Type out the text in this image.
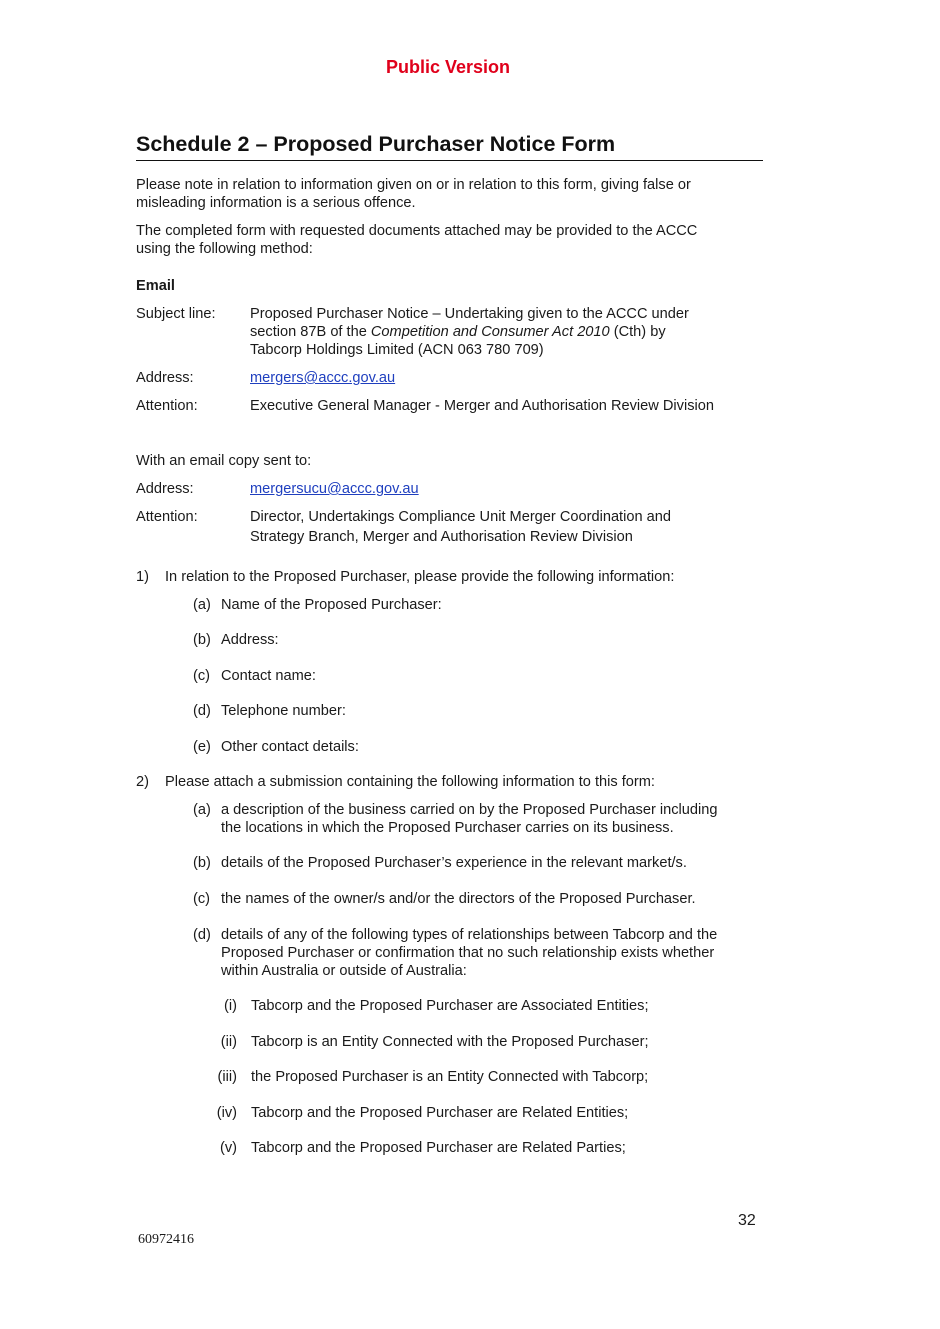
Public Version
Schedule 2 – Proposed Purchaser Notice Form
Please note in relation to information given on or in relation to this form, giving false or
misleading information is a serious offence.
The completed form with requested documents attached may be provided to the ACCC
using the following method:
Email
Subject line: Proposed Purchaser Notice – Undertaking given to the ACCC under
section 87B of the Competition and Consumer Act 2010 (Cth) by
Tabcorp Holdings Limited (ACN 063 780 709)
Address:	mergers@accc.gov.au
Attention:	Executive General Manager - Merger and Authorisation Review Division
With an email copy sent to:
Address:	mergersucu@accc.gov.au
Attention:	Director, Undertakings Compliance Unit Merger Coordination and
Strategy Branch, Merger and Authorisation Review Division
1) In relation to the Proposed Purchaser, please provide the following information:
(a) Name of the Proposed Purchaser:
(b) Address:
(c) Contact name:
(d) Telephone number:
(e) Other contact details:
2) Please attach a submission containing the following information to this form:
(a) a description of the business carried on by the Proposed Purchaser including
the locations in which the Proposed Purchaser carries on its business.
(b) details of the Proposed Purchaser’s experience in the relevant market/s.
(c) the names of the owner/s and/or the directors of the Proposed Purchaser.
(d) details of any of the following types of relationships between Tabcorp and the
Proposed Purchaser or confirmation that no such relationship exists whether
within Australia or outside of Australia:
(i) Tabcorp and the Proposed Purchaser are Associated Entities;
(ii) Tabcorp is an Entity Connected with the Proposed Purchaser;
(iii) the Proposed Purchaser is an Entity Connected with Tabcorp;
(iv) Tabcorp and the Proposed Purchaser are Related Entities;
(v) Tabcorp and the Proposed Purchaser are Related Parties;
32
60972416
